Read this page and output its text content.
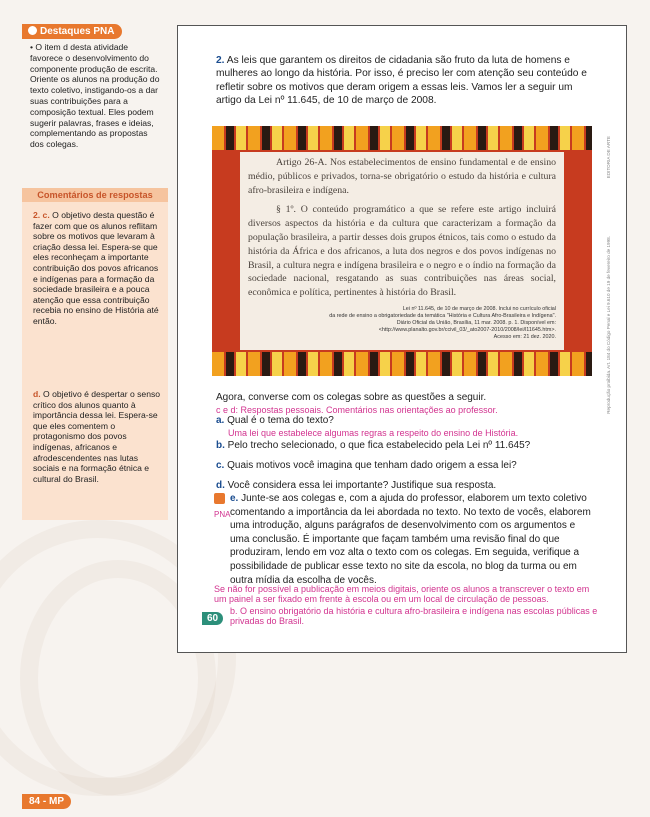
Destaques PNA
• O item d desta atividade favorece o desenvolvimento do componente produção de escrita. Oriente os alunos na produção do texto coletivo, instigando-os a dar suas contribuições para a composição textual. Eles podem sugerir palavras, frases e ideias, complementando as propostas dos colegas.
Comentários de respostas
2. c. O objetivo desta questão é fazer com que os alunos reflitam sobre os motivos que levaram à criação dessa lei. Espera-se que eles reconheçam a importante contribuição dos povos africanos e indígenas para a formação da sociedade brasileira e a pouca atenção que essa contribuição recebia no ensino de História até então.
d. O objetivo é despertar o senso crítico dos alunos quanto à importância dessa lei. Espera-se que eles comentem o protagonismo dos povos indígenas, africanos e afrodescendentes nas lutas sociais e na formação étnica e cultural do Brasil.
2. As leis que garantem os direitos de cidadania são fruto da luta de homens e mulheres ao longo da história. Por isso, é preciso ler com atenção seu conteúdo e refletir sobre os motivos que deram origem a essas leis. Vamos ler a seguir um artigo da Lei nº 11.645, de 10 de março de 2008.

Artigo 26-A. Nos estabelecimentos de ensino fundamental e de ensino médio, públicos e privados, torna-se obrigatório o estudo da história e cultura afro-brasileira e indígena.

§ 1º. O conteúdo programático a que se refere este artigo incluirá diversos aspectos da história e da cultura que caracterizam a formação da população brasileira, a partir desses dois grupos étnicos, tais como o estudo da história da África e dos africanos, a luta dos negros e dos povos indígenas no Brasil, a cultura negra e indígena brasileira e o negro e o índio na formação da sociedade nacional, resgatando as suas contribuições nas áreas social, econômica e política, pertinentes à história do Brasil.

Lei nº 11.645, de 10 de março de 2008. Inclui no currículo oficial
da rede de ensino a obrigatoriedade da temática "História e Cultura Afro-Brasileira e Indígena".
Diário Oficial da União, Brasília, 11 mar. 2008. p. 1. Disponível em:
<http://www.planalto.gov.br/ccivil_03/_ato2007-2010/2008/lei/l11645.htm>.
Acesso em: 21 dez. 2020.
EDITORIA DE ARTE
Reprodução proibida. Art. 184 do Código Penal e Lei 9.610 de 19 de fevereiro de 1998.
Agora, converse com os colegas sobre as questões a seguir.
c e d: Respostas pessoais. Comentários nas orientações ao professor.
a. Qual é o tema do texto?
Uma lei que estabelece algumas regras a respeito do ensino de História.
b. Pelo trecho selecionado, o que fica estabelecido pela Lei nº 11.645?
c. Quais motivos você imagina que tenham dado origem a essa lei?
d. Você considera essa lei importante? Justifique sua resposta.
PNA
e. Junte-se aos colegas e, com a ajuda do professor, elaborem um texto coletivo comentando a importância da lei abordada no texto. No texto de vocês, elaborem uma introdução, alguns parágrafos de desenvolvimento com os argumentos e uma conclusão. É importante que façam também uma revisão final do que produziram, lendo em voz alta o texto com os colegas. Em seguida, verifique a possibilidade de publicar esse texto no site da escola, no blog da turma ou em outra mídia da escolha de vocês.
Se não for possível a publicação em meios digitais, oriente os alunos a transcrever o texto em um painel a ser fixado em frente à escola ou em um local de circulação de pessoas.
b. O ensino obrigatório da história e cultura afro-brasileira e indígena nas escolas públicas e privadas do Brasil.
60
84 - MP
